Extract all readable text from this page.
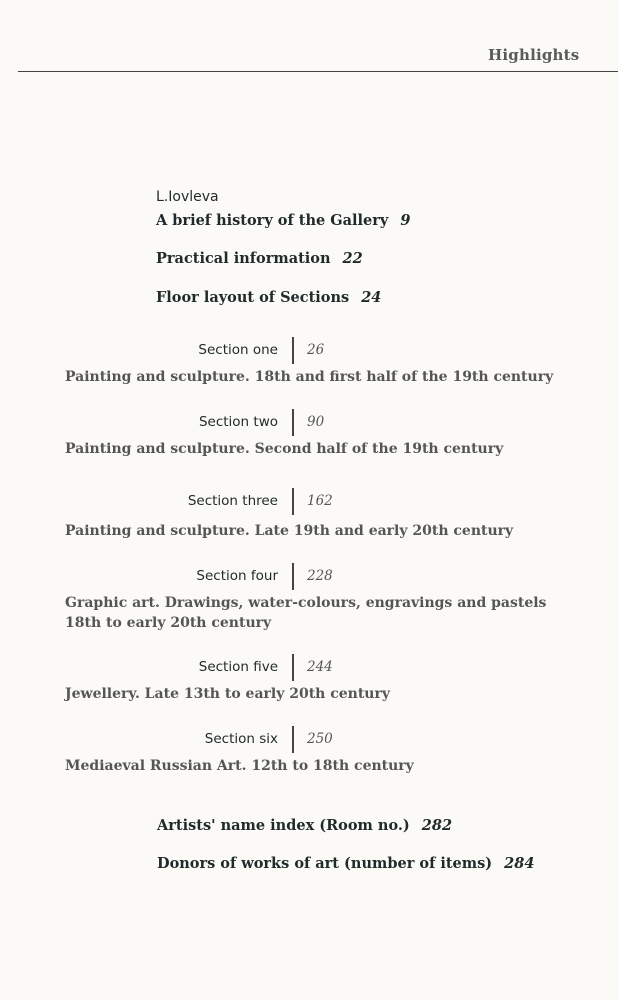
Highlights
L.Iovleva
A brief history of the Gallery 9
Practical information 22
Floor layout of Sections 24
Section one 26
Painting and sculpture. 18th and first half of the 19th century
Section two 90
Painting and sculpture. Second half of the 19th century
Section three 162
Painting and sculpture. Late 19th and early 20th century
Section four 228
Graphic art. Drawings, water-colours, engravings and pastels
18th to early 20th century
Section five 244
Jewellery. Late 13th to early 20th century
Section six 250
Mediaeval Russian Art. 12th to 18th century
Artists' name index (Room no.) 282
Donors of works of art (number of items) 284
